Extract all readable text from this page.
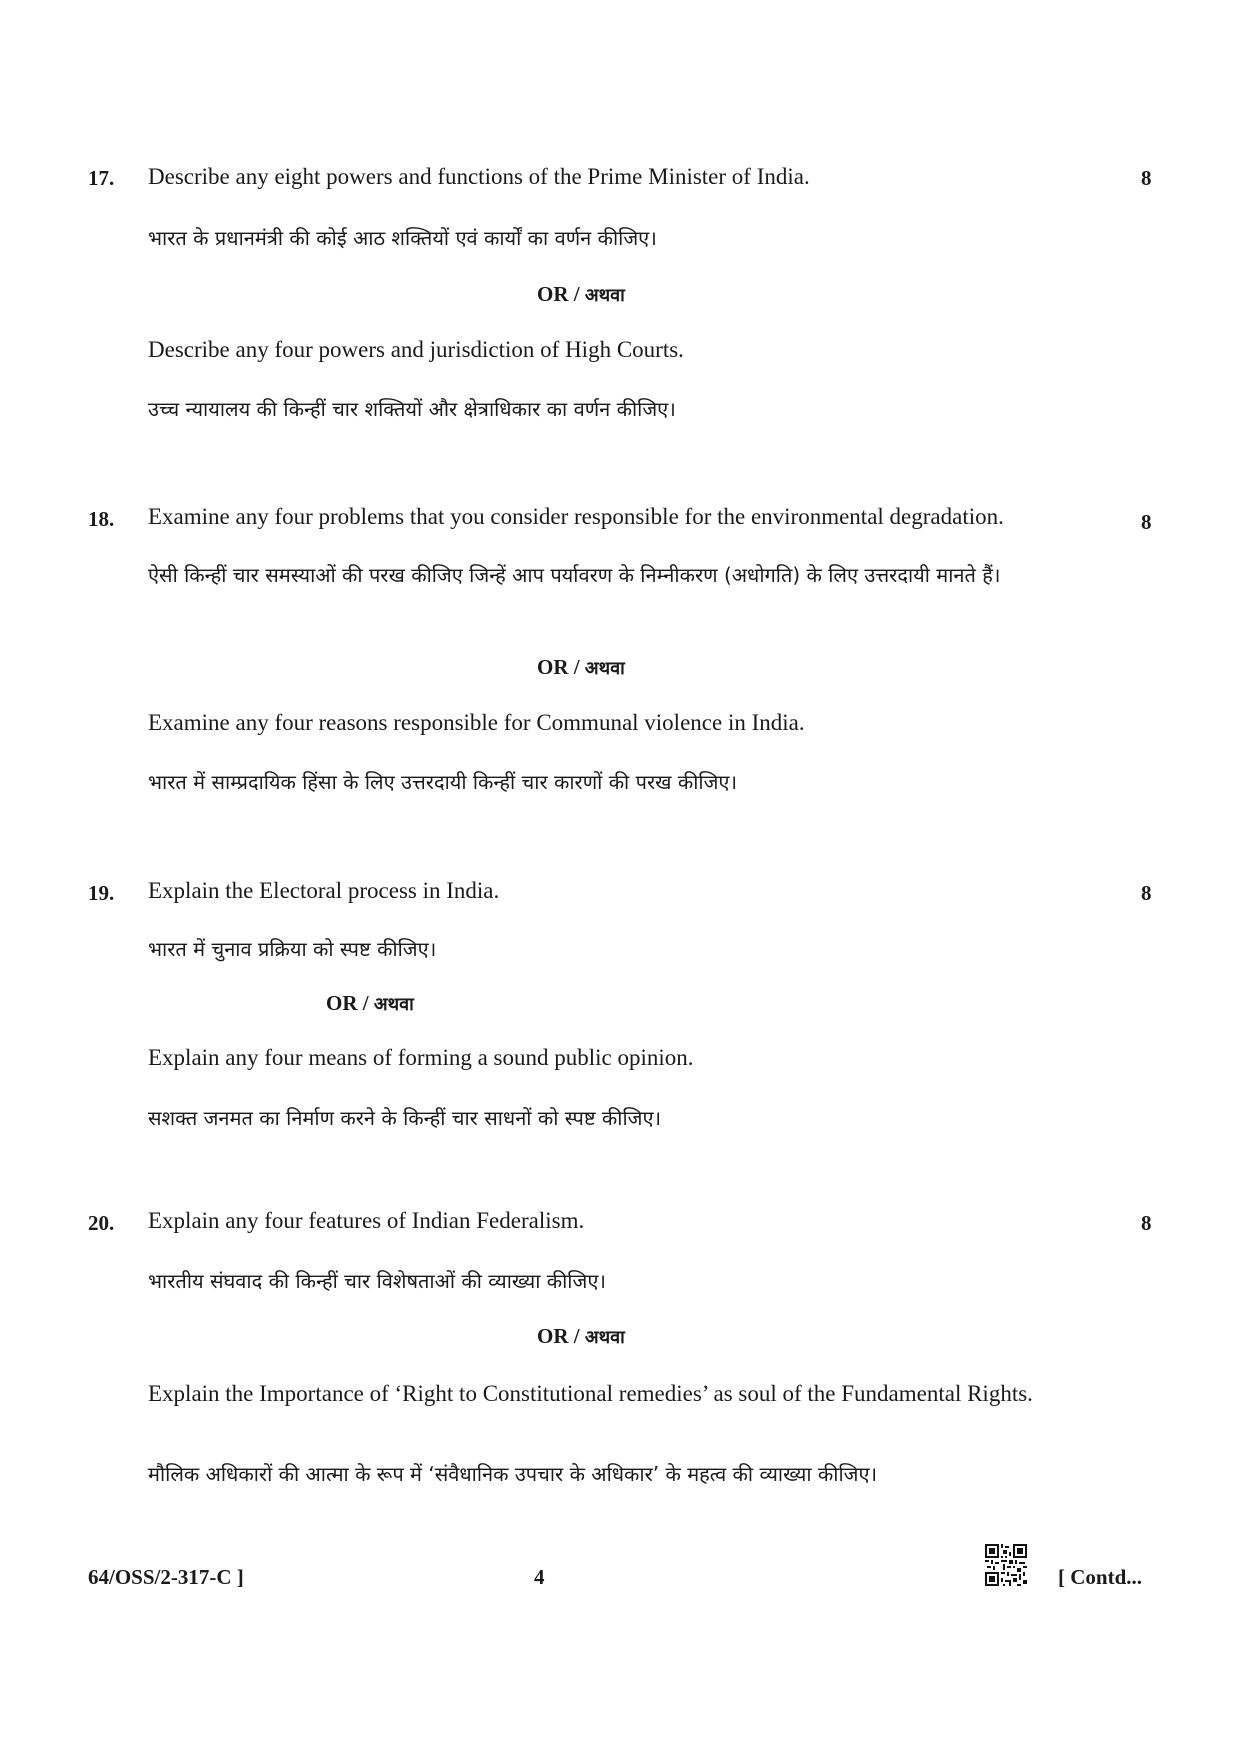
17. Describe any eight powers and functions of the Prime Minister of India.	8
भारत के प्रधानमंत्री की कोई आठ शक्तियों एवं कार्यों का वर्णन कीजिए।
OR / अथवा
Describe any four powers and jurisdiction of High Courts.
उच्च न्यायालय की किन्हीं चार शक्तियों और क्षेत्राधिकार का वर्णन कीजिए।
18. Examine any four problems that you consider responsible for the environmental degradation.	8
ऐसी किन्हीं चार समस्याओं की परख कीजिए जिन्हें आप पर्यावरण के निम्नीकरण (अधोगति) के लिए उत्तरदायी मानते हैं।
OR / अथवा
Examine any four reasons responsible for Communal violence in India.
भारत में साम्प्रदायिक हिंसा के लिए उत्तरदायी किन्हीं चार कारणों की परख कीजिए।
19. Explain the Electoral process in India.	8
भारत में चुनाव प्रक्रिया को स्पष्ट कीजिए।
OR / अथवा
Explain any four means of forming a sound public opinion.
सशक्त जनमत का निर्माण करने के किन्हीं चार साधनों को स्पष्ट कीजिए।
20. Explain any four features of Indian Federalism.	8
भारतीय संघवाद की किन्हीं चार विशेषताओं की व्याख्या कीजिए।
OR / अथवा
Explain the Importance of ‘Right to Constitutional remedies’ as soul of the Fundamental Rights.
मौलिक अधिकारों की आत्मा के रूप में ‘संवैधानिक उपचार के अधिकार’ के महत्व की व्याख्या कीजिए।
64/OSS/2-317-C ]	4	[ Contd...
